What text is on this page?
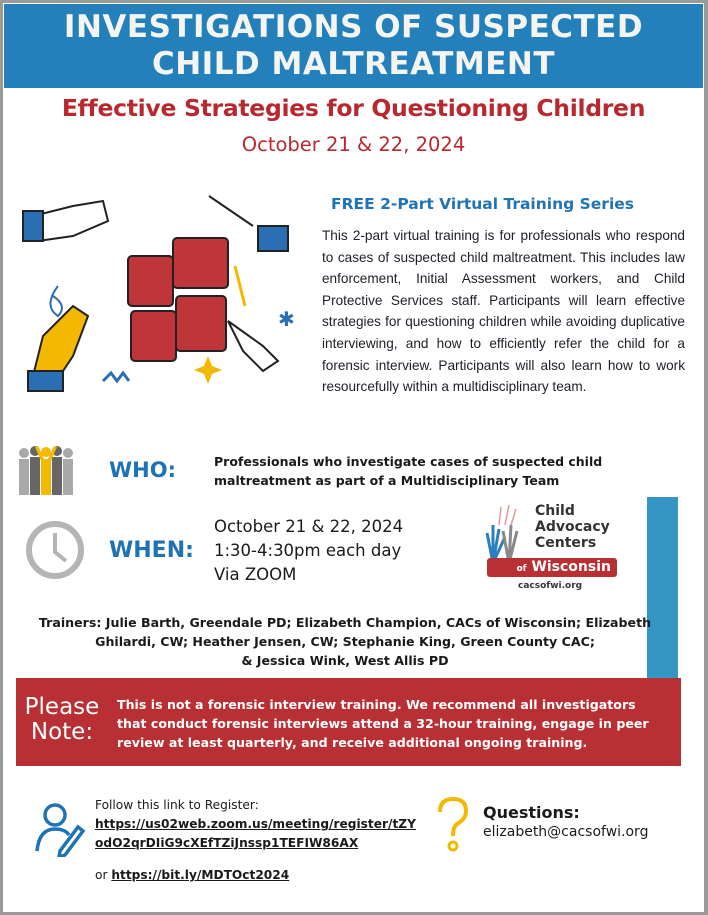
INVESTIGATIONS OF SUSPECTED
CHILD MALTREATMENT
Effective Strategies for Questioning Children
October 21 & 22, 2024
✱
FREE 2-Part Virtual Training Series
This 2-part virtual training is for professionals who respond to cases of suspected child maltreatment. This includes law enforcement, Initial Assessment workers, and Child Protective Services staff. Participants will learn effective strategies for questioning children while avoiding duplicative interviewing, and how to efficiently refer the child for a forensic interview. Participants will also learn how to work resourcefully within a multidisciplinary team.
WHO:	Professionals who investigate cases of suspected child
maltreatment as part of a Multidisciplinary Team
WHEN:
October 21 & 22, 2024
1:30-4:30pm each day
Via ZOOM
Child
Advocacy
Centers
of Wisconsin
cacsofwi.org
Trainers: Julie Barth, Greendale PD; Elizabeth Champion, CACs of Wisconsin; Elizabeth
Ghilardi, CW; Heather Jensen, CW; Stephanie King, Green County CAC;
& Jessica Wink, West Allis PD
Please
Note:
This is not a forensic interview training. We recommend all investigators that conduct forensic interviews attend a 32-hour training, engage in peer review at least quarterly, and receive additional ongoing training.
Follow this link to Register:
https://us02web.zoom.us/meeting/register/tZY
odO2qrDIiG9cXEfTZiJnssp1TEFIW86AX
or https://bit.ly/MDTOct2024
Questions:
elizabeth@cacsofwi.org
